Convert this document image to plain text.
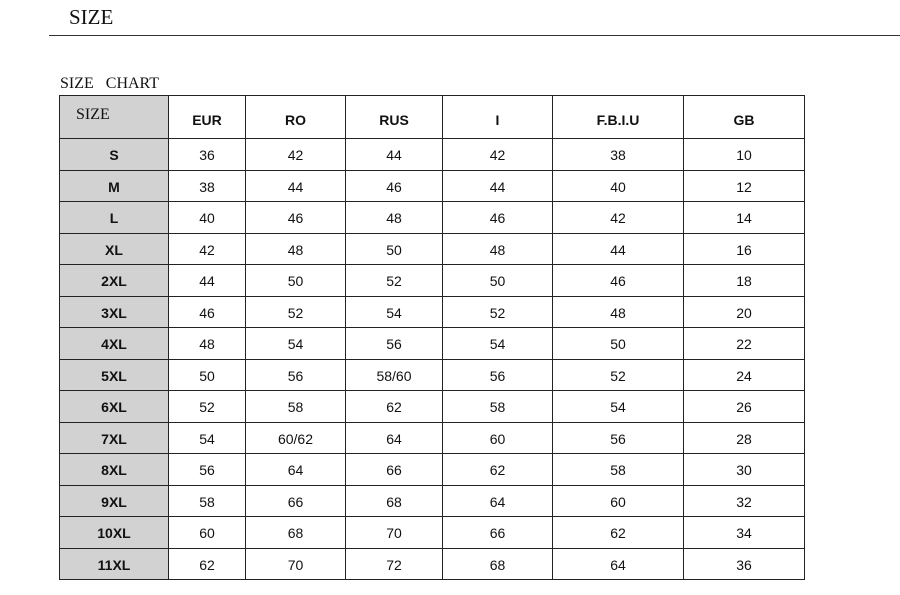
SIZE
SIZE   CHART
SIZE	EUR	RO	RUS	I	F.B.I.U	GB
S	36	42	44	42	38	10
M	38	44	46	44	40	12
L	40	46	48	46	42	14
XL	42	48	50	48	44	16
2XL	44	50	52	50	46	18
3XL	46	52	54	52	48	20
4XL	48	54	56	54	50	22
5XL	50	56	58/60	56	52	24
6XL	52	58	62	58	54	26
7XL	54	60/62	64	60	56	28
8XL	56	64	66	62	58	30
9XL	58	66	68	64	60	32
10XL	60	68	70	66	62	34
11XL	62	70	72	68	64	36
